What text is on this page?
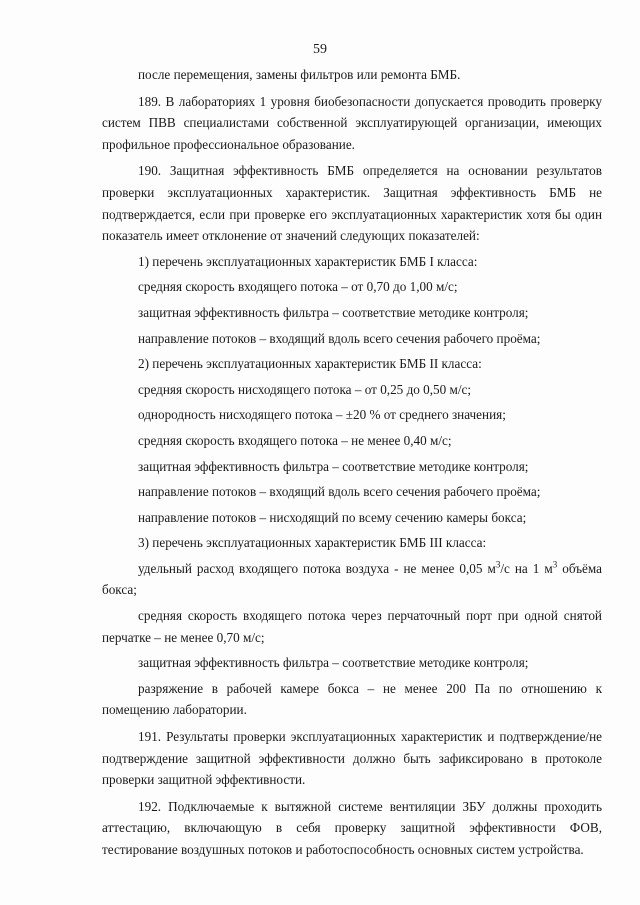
59

после перемещения, замены фильтров или ремонта БМБ.

189. В лабораториях 1 уровня биобезопасности допускается проводить проверку систем ПВВ специалистами собственной эксплуатирующей организации, имеющих профильное профессиональное образование.

190. Защитная эффективность БМБ определяется на основании результатов проверки эксплуатационных характеристик. Защитная эффективность БМБ не подтверждается, если при проверке его эксплуатационных характеристик хотя бы один показатель имеет отклонение от значений следующих показателей:

1) перечень эксплуатационных характеристик БМБ I класса:

средняя скорость входящего потока – от 0,70 до 1,00 м/с;

защитная эффективность фильтра – соответствие методике контроля;

направление потоков – входящий вдоль всего сечения рабочего проёма;

2) перечень эксплуатационных характеристик БМБ II класса:

средняя скорость нисходящего потока – от 0,25 до 0,50 м/с;

однородность нисходящего потока – ±20 % от среднего значения;

средняя скорость входящего потока – не менее 0,40 м/с;

защитная эффективность фильтра – соответствие методике контроля;

направление потоков – входящий вдоль всего сечения рабочего проёма;

направление потоков – нисходящий по всему сечению камеры бокса;

3) перечень эксплуатационных характеристик БМБ III класса:

удельный расход входящего потока воздуха - не менее 0,05 $м^3/с$ на 1 $м^3$ объёма бокса;

средняя скорость входящего потока через перчаточный порт при одной снятой перчатке – не менее 0,70 м/с;

защитная эффективность фильтра – соответствие методике контроля;

разряжение в рабочей камере бокса – не менее 200 Па по отношению к помещению лаборатории.

191. Результаты проверки эксплуатационных характеристик и подтверждение/не подтверждение защитной эффективности должно быть зафиксировано в протоколе проверки защитной эффективности.

192. Подключаемые к вытяжной системе вентиляции ЗБУ должны проходить аттестацию, включающую в себя проверку защитной эффективности ФОВ, тестирование воздушных потоков и работоспособность основных систем устройства.
